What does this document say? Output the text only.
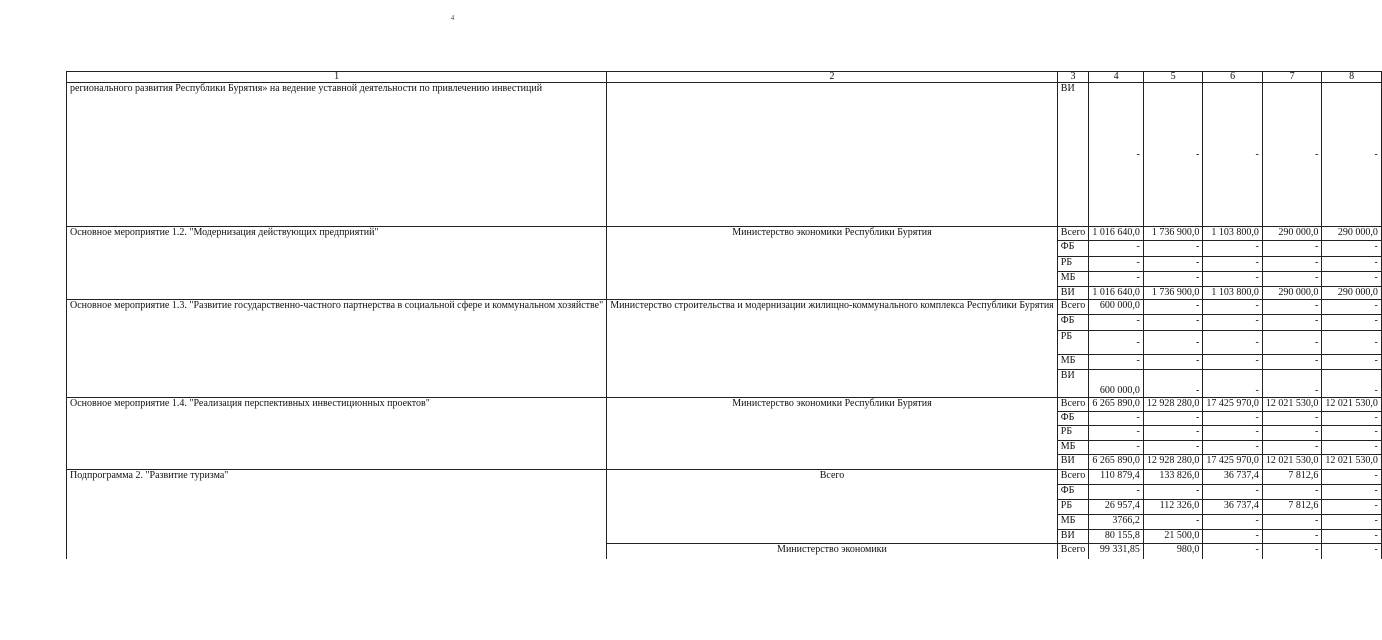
4
1	2	3	4	5	6	7	8
регионального развития Республики Бурятия» на ведение уставной деятельности по привлечению инвестиций		ВИ	-	-	-	-	-
Основное мероприятие 1.2. "Модернизация действующих предприятий"	Министерство экономики Республики Бурятия	Всего	1 016 640,0	1 736 900,0	1 103 800,0	290 000,0	290 000,0
		ФБ	-	-	-	-	-
		РБ	-	-	-	-	-
		МБ	-	-	-	-	-
		ВИ	1 016 640,0	1 736 900,0	1 103 800,0	290 000,0	290 000,0
Основное мероприятие 1.3. "Развитие государственно-частного партнерства в социальной сфере и коммунальном хозяйстве"	Министерство строительства и модернизации жилищно-коммунального комплекса Республики Бурятия	Всего	600 000,0	-	-	-	-
		ФБ	-	-	-	-	-
		РБ	-	-	-	-	-
		МБ	-	-	-	-	-
		ВИ	600 000,0	-	-	-	-
Основное мероприятие 1.4. "Реализация перспективных инвестиционных проектов"	Министерство экономики Республики Бурятия	Всего	6 265 890,0	12 928 280,0	17 425 970,0	12 021 530,0	12 021 530,0
		ФБ	-	-	-	-	-
		РБ	-	-	-	-	-
		МБ	-	-	-	-	-
		ВИ	6 265 890,0	12 928 280,0	17 425 970,0	12 021 530,0	12 021 530,0
Подпрограмма 2. "Развитие туризма"	Всего	Всего	110 879,4	133 826,0	36 737,4	7 812,6	-
		ФБ	-	-	-	-	-
		РБ	26 957,4	112 326,0	36 737,4	7 812,6	-
		МБ	3766,2	-	-	-	-
		ВИ	80 155,8	21 500,0	-	-	-
	Министерство экономики	Всего	99 331,85	980,0	-	-	-
